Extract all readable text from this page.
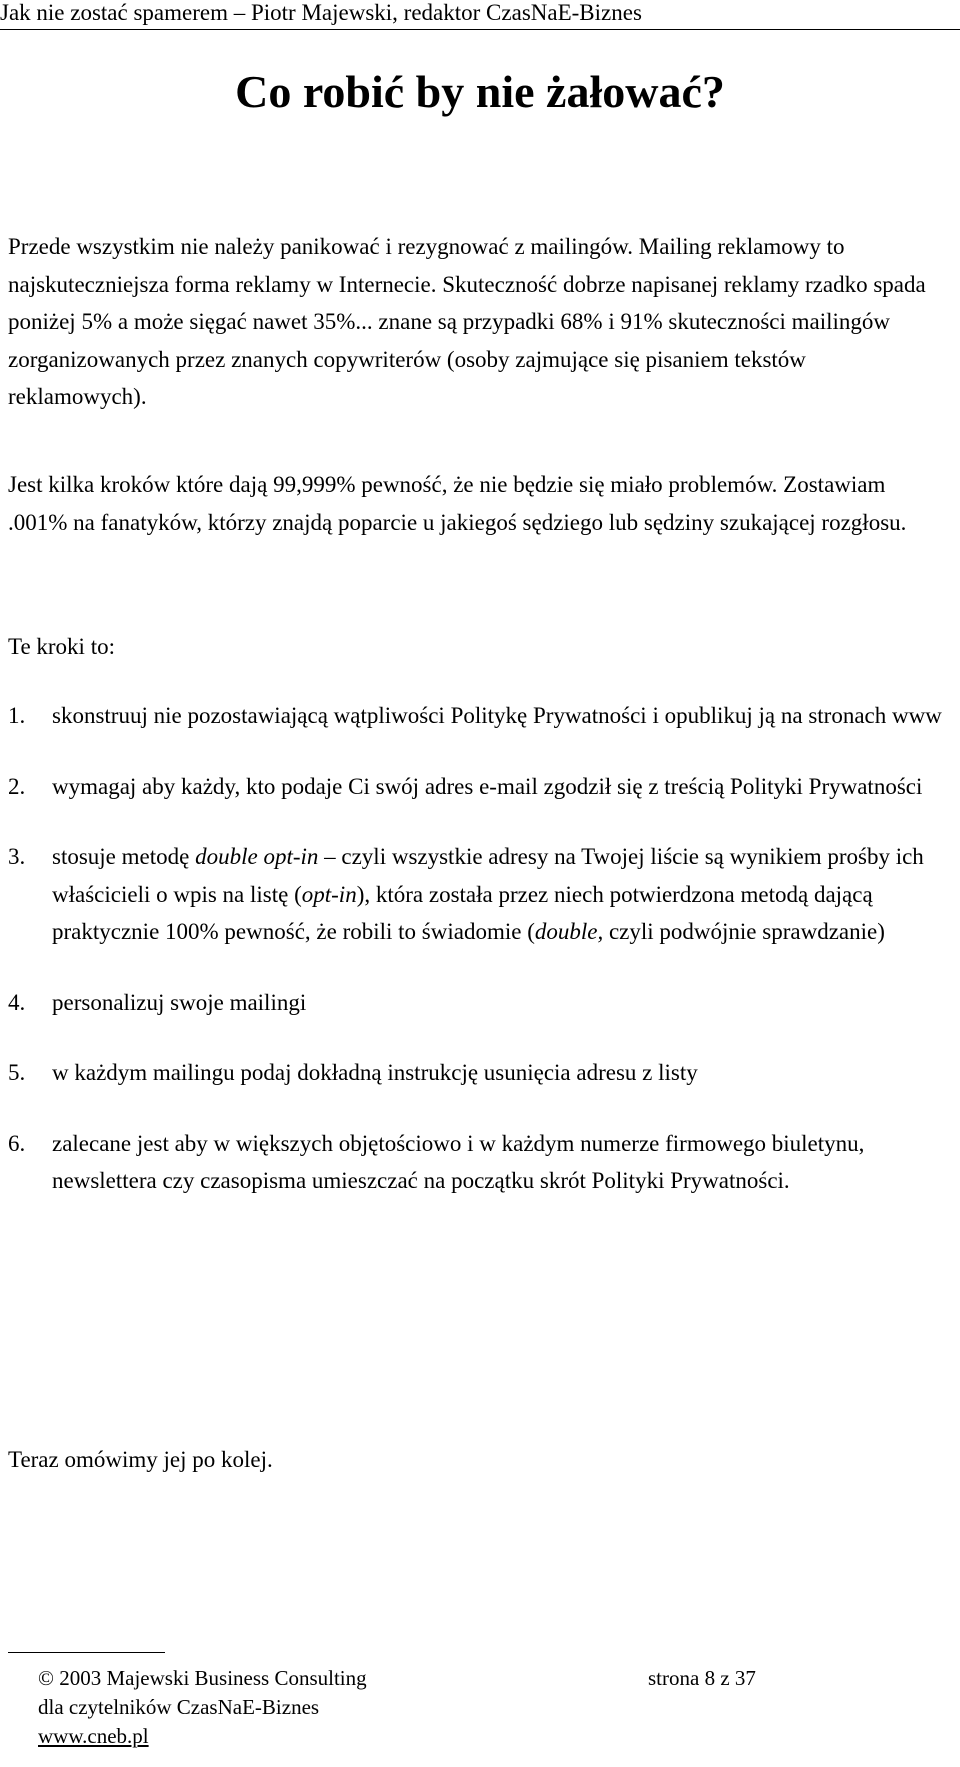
Jak nie zostać spamerem – Piotr Majewski, redaktor CzasNaE-Biznes
Co robić by nie żałować?

Przede wszystkim nie należy panikować i rezygnować z mailingów. Mailing reklamowy to najskuteczniejsza forma reklamy w Internecie. Skuteczność dobrze napisanej reklamy rzadko spada poniżej 5% a może sięgać nawet 35%... znane są przypadki 68% i 91% skuteczności mailingów zorganizowanych przez znanych copywriterów (osoby zajmujące się pisaniem tekstów reklamowych).

Jest kilka kroków które dają 99,999% pewność, że nie będzie się miało problemów. Zostawiam .001% na fanatyków, którzy znajdą poparcie u jakiegoś sędziego lub sędziny szukającej rozgłosu.

Te kroki to:

1. skonstruuj nie pozostawiającą wątpliwości Politykę Prywatności i opublikuj ją na stronach www
2. wymagaj aby każdy, kto podaje Ci swój adres e-mail zgodził się z treścią Polityki Prywatności
3. stosuje metodę double opt-in – czyli wszystkie adresy na Twojej liście są wynikiem prośby ich właścicieli o wpis na listę (opt-in), która została przez niech potwierdzona metodą dającą praktycznie 100% pewność, że robili to świadomie (double, czyli podwójnie sprawdzanie)
4. personalizuj swoje mailingi
5. w każdym mailingu podaj dokładną instrukcję usunięcia adresu z listy
6. zalecane jest aby w większych objętościowo i w każdym numerze firmowego biuletynu, newslettera czy czasopisma umieszczać na początku skrót Polityki Prywatności.

Teraz omówimy jej po kolej.

© 2003 Majewski Business Consulting
dla czytelników CzasNaE-Biznes
www.cneb.pl
strona 8 z 37
